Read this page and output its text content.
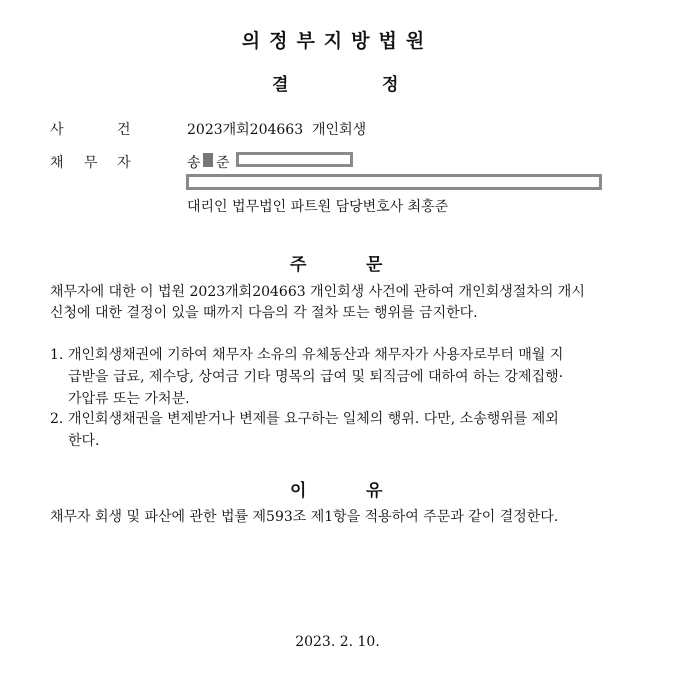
의정부지방법원
결	정
사	건	2023개회204663  개인회생
채 무 자	송 준
대리인 법무법인 파트원 담당변호사 최홍준
주	문
채무자에 대한 이 법원 2023개회204663 개인회생 사건에 관하여 개인회생절차의 개시
신청에 대한 결정이 있을 때까지 다음의 각 절차 또는 행위를 금지한다.
1. 개인회생채권에 기하여 채무자 소유의 유체동산과 채무자가 사용자로부터 매월 지
급받을 급료, 제수당, 상여금 기타 명목의 급여 및 퇴직금에 대하여 하는 강제집행·
가압류 또는 가처분.
2. 개인회생채권을 변제받거나 변제를 요구하는 일체의 행위. 다만, 소송행위를 제외
한다.
이	유
채무자 회생 및 파산에 관한 법률 제593조 제1항을 적용하여 주문과 같이 결정한다.
2023. 2. 10.
